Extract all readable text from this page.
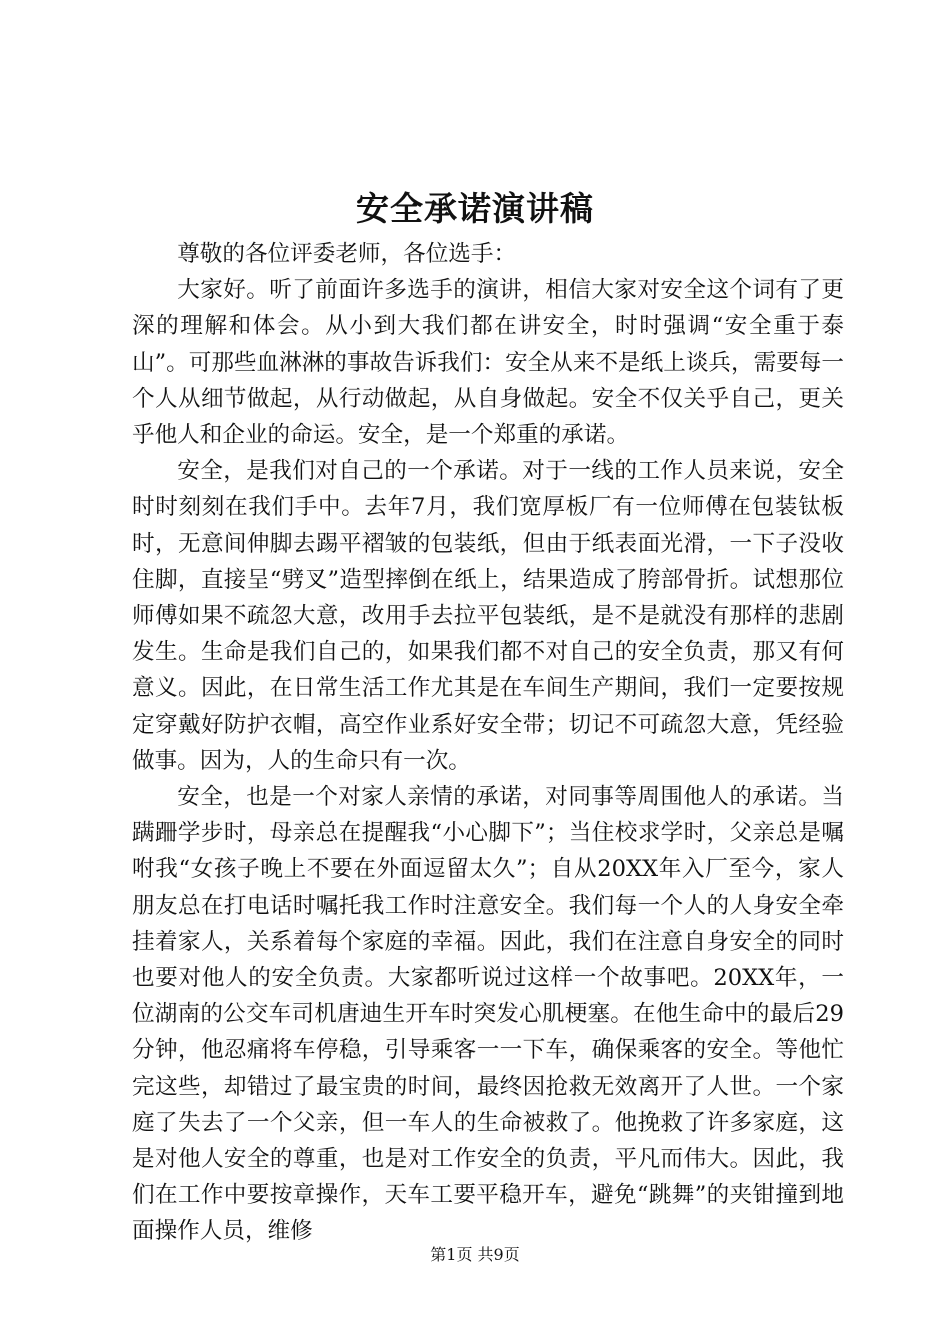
安全承诺演讲稿

尊敬的各位评委老师，各位选手：

大家好。听了前面许多选手的演讲，相信大家对安全这个词有了更深的理解和体会。从小到大我们都在讲安全，时时强调“安全重于泰山”。可那些血淋淋的事故告诉我们：安全从来不是纸上谈兵，需要每一个人从细节做起，从行动做起，从自身做起。安全不仅关乎自己，更关乎他人和企业的命运。安全，是一个郑重的承诺。

安全，是我们对自己的一个承诺。对于一线的工作人员来说，安全时时刻刻在我们手中。去年7月，我们宽厚板厂有一位师傅在包装钛板时，无意间伸脚去踢平褶皱的包装纸，但由于纸表面光滑，一下子没收住脚，直接呈“劈叉”造型摔倒在纸上，结果造成了胯部骨折。试想那位师傅如果不疏忽大意，改用手去拉平包装纸，是不是就没有那样的悲剧发生。生命是我们自己的，如果我们都不对自己的安全负责，那又有何意义。因此，在日常生活工作尤其是在车间生产期间，我们一定要按规定穿戴好防护衣帽，高空作业系好安全带；切记不可疏忽大意，凭经验做事。因为，人的生命只有一次。

安全，也是一个对家人亲情的承诺，对同事等周围他人的承诺。当蹒跚学步时，母亲总在提醒我“小心脚下”；当住校求学时，父亲总是嘱咐我“女孩子晚上不要在外面逗留太久”；自从20XX年入厂至今，家人朋友总在打电话时嘱托我工作时注意安全。我们每一个人的人身安全牵挂着家人，关系着每个家庭的幸福。因此，我们在注意自身安全的同时也要对他人的安全负责。大家都听说过这样一个故事吧。20XX年，一位湖南的公交车司机唐迪生开车时突发心肌梗塞。在他生命中的最后29分钟，他忍痛将车停稳，引导乘客一一下车，确保乘客的安全。等他忙完这些，却错过了最宝贵的时间，最终因抢救无效离开了人世。一个家庭了失去了一个父亲，但一车人的生命被救了。他挽救了许多家庭，这是对他人安全的尊重，也是对工作安全的负责，平凡而伟大。因此，我们在工作中要按章操作，天车工要平稳开车，避免“跳舞”的夹钳撞到地面操作人员，维修

第1页 共9页
